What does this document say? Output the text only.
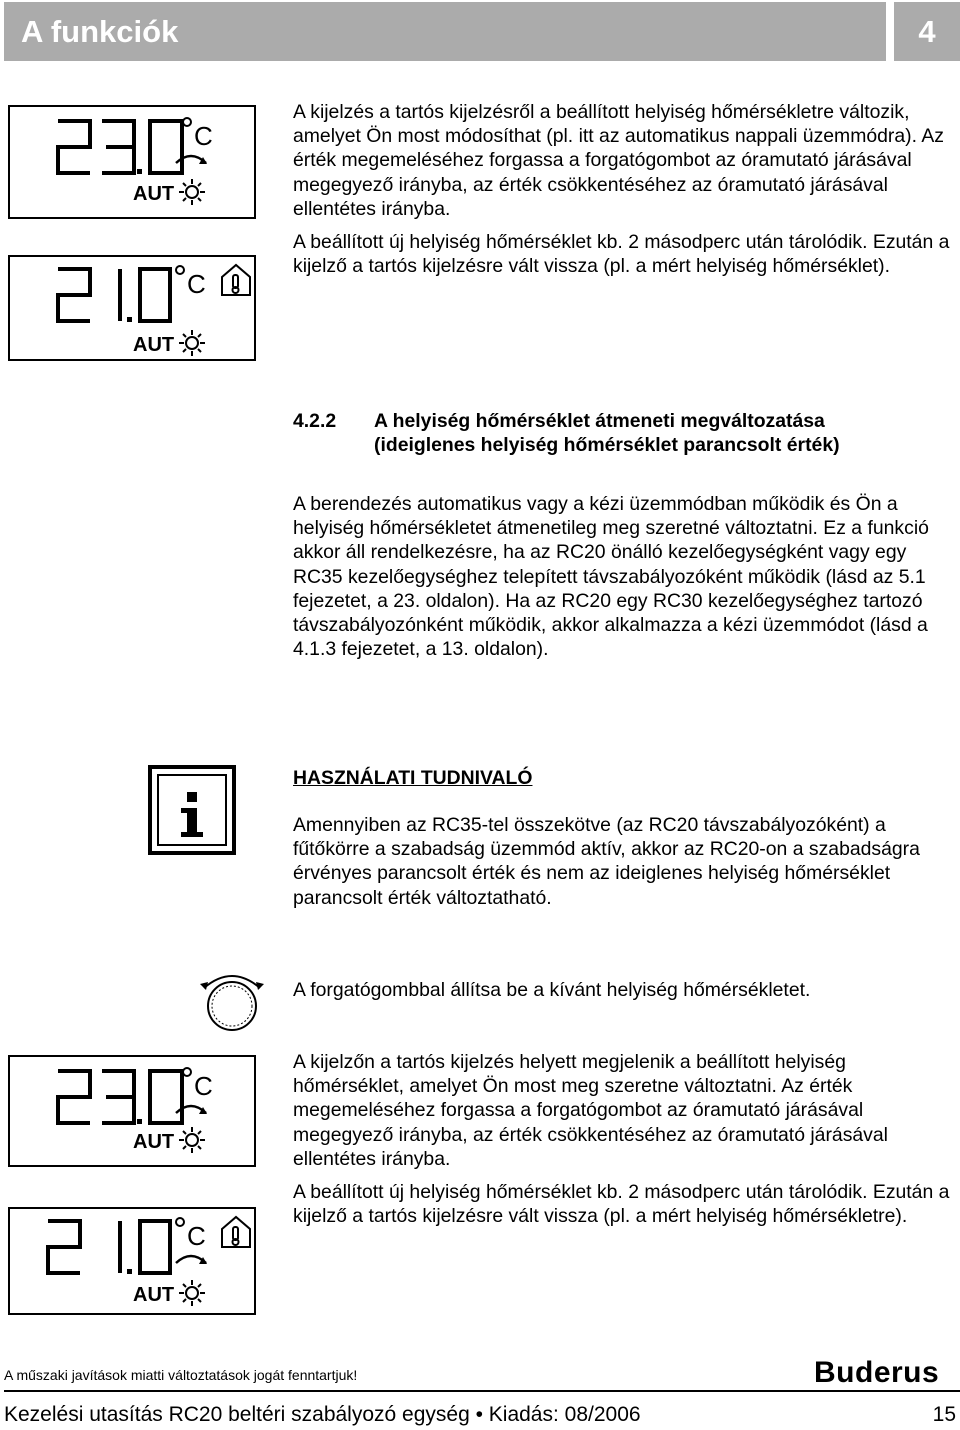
A funkciók	4
C
AUT
C
AUT

A kijelzés a tartós kijelzésről a beállított helyiség hőmérsékletre változik, amelyet Ön most módosíthat (pl. itt az automatikus nappali üzemmódra). Az érték megemeléséhez forgassa a forgatógombot az óramutató járásával megegyező irányba, az érték csökkentéséhez az óramutató járásával ellentétes irányba.

A beállított új helyiség hőmérséklet kb. 2 másodperc után tárolódik. Ezután a kijelző a tartós kijelzésre vált vissza (pl. a mért helyiség hőmérséklet).

4.2.2 A helyiség hőmérséklet átmeneti megváltozatása

(ideiglenes helyiség hőmérséklet parancsolt érték)

A berendezés automatikus vagy a kézi üzemmódban működik és Ön a helyiség hőmérsékletet átmenetileg meg szeretné változtatni. Ez a funkció akkor áll rendelkezésre, ha az RC20 önálló kezelőegységként vagy egy RC35 kezelőegységhez telepített távszabályozóként működik (lásd az 5.1 fejezetet, a 23. oldalon). Ha az RC20 egy RC30 kezelőegységhez tartozó távszabályozónként működik, akkor alkalmazza a kézi üzemmódot (lásd a 4.1.3 fejezetet, a 13. oldalon).
HASZNÁLATI TUDNIVALÓ
Amennyiben az RC35-tel összekötve (az RC20 távszabályozóként) a fűtőkörre a szabadság üzemmód aktív, akkor az RC20-on a szabadságra érvényes parancsolt érték és nem az ideiglenes helyiség hőmérséklet parancsolt érték változtatható.
A forgatógombbal állítsa be a kívánt helyiség hőmérsékletet.
C
AUT
C
AUT

A kijelzőn a tartós kijelzés helyett megjelenik a beállított helyiség hőmérséklet, amelyet Ön most meg szeretne változtatni. Az érték megemeléséhez forgassa a forgatógombot az óramutató járásával megegyező irányba, az érték csökkentéséhez az óramutató járásával ellentétes irányba.

A beállított új helyiség hőmérséklet kb. 2 másodperc után tárolódik. Ezután a kijelző a tartós kijelzésre vált vissza (pl. a mért helyiség hőmérsékletre).

A műszaki javítások miatti változtatások jogát fenntartjuk!	Buderus
Kezelési utasítás RC20 beltéri szabályozó egység • Kiadás: 08/2006	15
